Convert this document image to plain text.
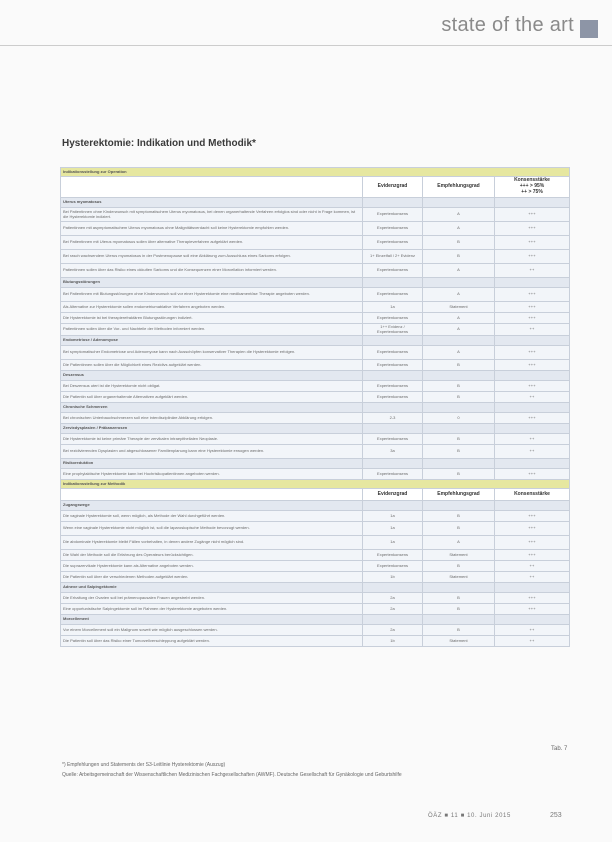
state of the art
Hysterektomie: Indikation und Methodik*
Indikationsstellung zur Operation			
	Evidenzgrad	Empfehlungsgrad	Konsensstärke
+++ > 95%
++ > 75%

Uterus myomatosus			
Bei Patientinnen ohne Kinderwunsch mit symptomatischem Uterus myomatosus, bei denen organerhaltende Verfahren erfolglos sind oder nicht in Frage kommen, ist die Hysterektomie indiziert.	Expertenkonsens	A	+++
Patientinnen mit asymptomatischem Uterus myomatosus ohne Malignitätsverdacht soll keine Hysterektomie empfohlen werden.	Expertenkonsens	A	+++
Bei Patientinnen mit Uterus myomatosus sollen über alternative Therapieverfahren aufgeklärt werden.	Expertenkonsens	B	+++
Bei rasch wachsendem Uterus myomatosus in der Postmenopause soll eine Abklärung zum Ausschluss eines Sarkoms erfolgen.	1+ Einzelfall / 2+ Evidenz	B	+++
Patientinnen sollen über das Risiko eines okkulten Sarkoms und die Konsequenzen einer Morcellation informiert werden.	Expertenkonsens	A	++
Blutungsstörungen			
Bei Patientinnen mit Blutungsstörungen ohne Kinderwunsch soll vor einer Hysterektomie eine medikamentöse Therapie angeboten werden.	Expertenkonsens	A	+++
Als Alternative zur Hysterektomie sollen endometriumablative Verfahren angeboten werden.	1a	Statement	+++
Die Hysterektomie ist bei therapierefraktären Blutungsstörungen indiziert.	Expertenkonsens	A	+++
Patientinnen sollen über die Vor- und Nachteile der Methoden informiert werden.	1++ Evidenz / Expertenkonsens	A	++
Endometriose / Adenomyose			
Bei symptomatischer Endometriose und Adenomyose kann nach Ausschöpfen konservativer Therapien die Hysterektomie erfolgen.	Expertenkonsens	A	+++
Die Patientinnen sollen über die Möglichkeit eines Rezidivs aufgeklärt werden.	Expertenkonsens	B	+++
Deszensus			
Bei Deszensus uteri ist die Hysterektomie nicht obligat.	Expertenkonsens	B	+++
Die Patientin soll über organerhaltende Alternativen aufgeklärt werden.	Expertenkonsens	B	++
Chronische Schmerzen			
Bei chronischen Unterbauchschmerzen soll eine interdisziplinäre Abklärung erfolgen.	2-3	0	+++
Zervixdysplasien / Präkanzerosen			
Die Hysterektomie ist keine primäre Therapie der zervikalen intraepithelialen Neoplasie.	Expertenkonsens	B	++
Bei rezidivierenden Dysplasien und abgeschlossener Familienplanung kann eine Hysterektomie erwogen werden.	3a	B	++
Risikoreduktion			
Eine prophylaktische Hysterektomie kann bei Hochrisikopatientinnen angeboten werden.	Expertenkonsens	B	+++
Indikationsstellung zur Methodik			
	Evidenzgrad	Empfehlungsgrad	Konsensstärke
Zugangswege			
Die vaginale Hysterektomie soll, wenn möglich, als Methode der Wahl durchgeführt werden.	1a	B	+++
Wenn eine vaginale Hysterektomie nicht möglich ist, soll die laparoskopische Methode bevorzugt werden.	1a	B	+++
Die abdominale Hysterektomie bleibt Fällen vorbehalten, in denen andere Zugänge nicht möglich sind.	1a	A	+++
Die Wahl der Methode soll die Erfahrung des Operateurs berücksichtigen.	Expertenkonsens	Statement	+++
Die suprazervikale Hysterektomie kann als Alternative angeboten werden.	Expertenkonsens	B	++
Die Patientin soll über die verschiedenen Methoden aufgeklärt werden.	1b	Statement	++
Adnexe und Salpingektomie			
Die Erhaltung der Ovarien soll bei prämenopausalen Frauen angestrebt werden.	2a	B	+++
Eine opportunistische Salpingektomie soll im Rahmen der Hysterektomie angeboten werden.	2a	B	+++
Morcellement			
Vor einem Morcellement soll ein Malignom soweit wie möglich ausgeschlossen werden.	2a	B	++
Die Patientin soll über das Risiko einer Tumorzellverschleppung aufgeklärt werden.	1b	Statement	++
Tab. 7
*) Empfehlungen und Statements der S3-Leitlinie Hysterektomie (Auszug)
Quelle: Arbeitsgemeinschaft der Wissenschaftlichen Medizinischen Fachgesellschaften (AWMF). Deutsche Gesellschaft für Gynäkologie und Geburtshilfe
ÖÄZ ■ 11 ■ 10. Juni 2015	253
